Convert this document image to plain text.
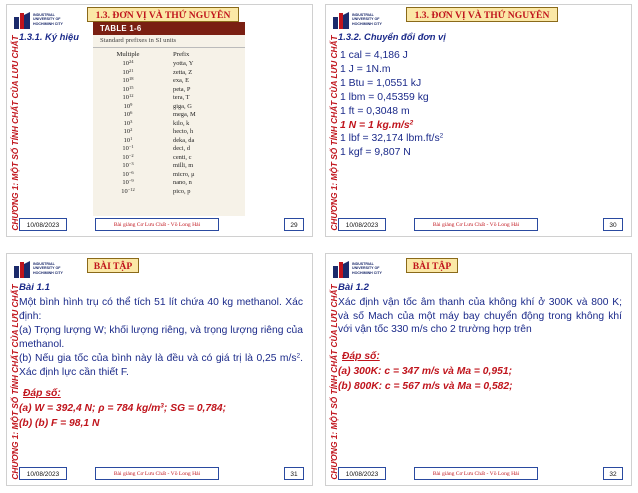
INDUSTRIAL
UNIVERSITY OF
HOCHIMINH CITY
CHƯƠNG 1: MỘT SỐ TÍNH CHẤT CỦA LƯU CHẤT
1.3. ĐƠN VỊ VÀ THỨ NGUYÊN
1.3.1. Ký hiệu
TABLE 1-6
Standard prefixes in SI units
Multiple	Prefix
$10^{24}$	yotta, Y
$10^{21}$	zetta, Z
$10^{18}$	exa, E
$10^{15}$	peta, P
$10^{12}$	tera, T
$10^9$	giga, G
$10^6$	mega, M
$10^3$	kilo, k
$10^2$	hecto, h
$10^1$	deka, da
$10^{-1}$	deci, d
$10^{-2}$	centi, c
$10^{-3}$	milli, m
$10^{-6}$	micro, μ
$10^{-9}$	nano, n
$10^{-12}$	pico, p
10/08/2023	Bài giảng Cơ Lưu Chất - Võ Long Hải	29
INDUSTRIAL
UNIVERSITY OF
HOCHIMINH CITY
CHƯƠNG 1: MỘT SỐ TÍNH CHẤT CỦA LƯU CHẤT
1.3. ĐƠN VỊ VÀ THỨ NGUYÊN
1.3.2. Chuyển đổi đơn vị
1 cal = 4,186 J
1 J = 1N.m
1 Btu = 1,0551 kJ
1 lbm = 0,45359 kg
1 ft = 0,3048 m
1 N = 1 $kg.m/s^2$
1 lbf = 32,174 $lbm.ft/s^2$
1 kgf = 9,807 N
10/08/2023	Bài giảng Cơ Lưu Chất - Võ Long Hải	30
INDUSTRIAL
UNIVERSITY OF
HOCHIMINH CITY
CHƯƠNG 1: MỘT SỐ TÍNH CHẤT CỦA LƯU CHẤT
BÀI TẬP
Bài 1.1
Một bình hình trụ có thể tích 51 lít chứa 40 kg methanol. Xác định:
(a) Trọng lượng W; khối lượng riêng, và trọng lượng riêng của methanol.
(b) Nếu gia tốc của bình này là đều và có giá trị là 0,25 $m/s^2$. Xác định lực cần thiết F.
Đáp số:
(a) W = 392,4 N; ρ = 784 $kg/m^3$; SG = 0,784;
(b) (b) F = 98,1 N
10/08/2023	Bài giảng Cơ Lưu Chất - Võ Long Hải	31
INDUSTRIAL
UNIVERSITY OF
HOCHIMINH CITY
CHƯƠNG 1: MỘT SỐ TÍNH CHẤT CỦA LƯU CHẤT
BÀI TẬP
Bài 1.2
Xác định vận tốc âm thanh của không khí ở 300K và 800 K; và số Mach của một máy bay chuyển động trong không khí với vận tốc 330 m/s cho 2 trường hợp trên
Đáp số:
(a) 300K: c = 347 m/s và Ma = 0,951;
(b) 800K: c = 567 m/s và Ma = 0,582;
10/08/2023	Bài giảng Cơ Lưu Chất - Võ Long Hải	32
